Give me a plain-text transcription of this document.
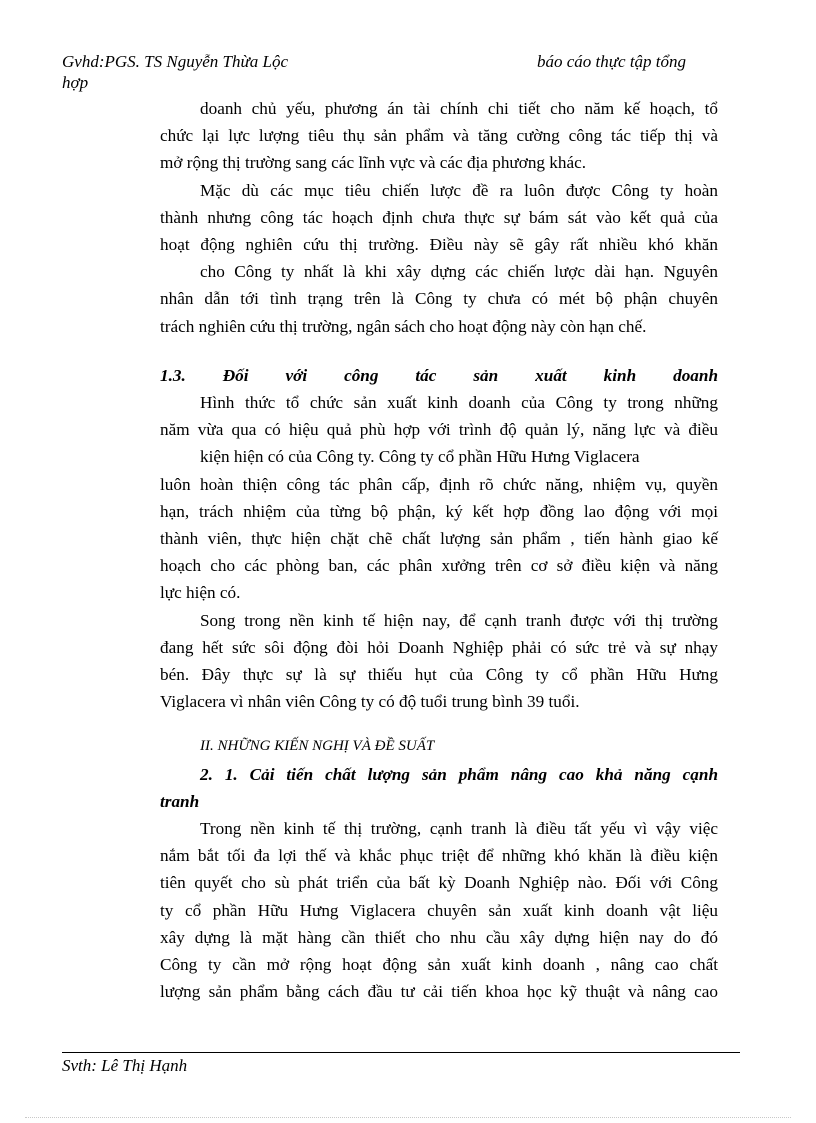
Gvhd:PGS. TS Nguyễn Thừa Lộc	báo cáo thực tập tổng
hợp

doanh chủ yếu, phương án tài chính chi tiết cho năm kế hoạch, tổ

chức lại lực lượng tiêu thụ sản phẩm và tăng cường công tác tiếp thị và

mở rộng thị trường sang các lĩnh vực và các địa phương khác.

Mặc dù các mục tiêu chiến lược đề ra luôn được Công ty hoàn

thành nhưng công tác hoạch định chưa thực sự bám sát vào kết quả của

hoạt động nghiên cứu thị trường. Điều này sẽ gây rất nhiều khó khăn

cho Công ty nhất là khi xây dựng các chiến lược dài hạn. Nguyên

nhân dẫn tới tình trạng trên là Công ty chưa có mét bộ phận chuyên

trách nghiên cứu thị trường, ngân sách cho hoạt động này còn hạn chế.

1.3. Đối với công tác sản xuất kinh doanh

Hình thức tổ chức sản xuất kinh doanh của Công ty trong những

năm vừa qua có hiệu quả phù hợp với trình độ quản lý, năng lực và điều

kiện hiện có của Công ty. Công ty cổ phần Hữu Hưng Viglacera

luôn hoàn thiện công tác phân cấp, định rõ chức năng, nhiệm vụ, quyền

hạn, trách nhiệm của từng bộ phận, ký kết hợp đồng lao động với mọi

thành viên, thực hiện chặt chẽ chất lượng sản phẩm , tiến hành giao kế

hoạch cho các phòng ban, các phân xưởng trên cơ sở điều kiện và năng

lực hiện có.

Song trong nền kinh tế hiện nay, để cạnh tranh được với thị trường

đang hết sức sôi động đòi hỏi Doanh Nghiệp phải có sức trẻ và sự nhạy

bén. Đây thực sự là sự thiếu hụt của Công ty cổ phần Hữu Hưng

Viglacera vì nhân viên Công ty có độ tuổi trung bình 39 tuổi.

II. NHỮNG KIẾN NGHỊ VÀ ĐỀ SUẤT

2. 1. Cải tiến chất lượng sản phẩm nâng cao khả năng cạnh

tranh

Trong nền kinh tế thị trường, cạnh tranh là điều tất yếu vì vậy việc

nắm bắt tối đa lợi thế và khắc phục triệt để những khó khăn là điều kiện

tiên quyết cho sù phát triển của bất kỳ Doanh Nghiệp nào. Đối với Công

ty cổ phần Hữu Hưng Viglacera chuyên sản xuất kinh doanh vật liệu

xây dựng là mặt hàng cần thiết cho nhu cầu xây dựng hiện nay do đó

Công ty cần mở rộng hoạt động sản xuất kinh doanh , nâng cao chất

lượng sản phẩm bằng cách đầu tư cải tiến khoa học kỹ thuật và nâng cao

Svth: Lê Thị Hạnh
